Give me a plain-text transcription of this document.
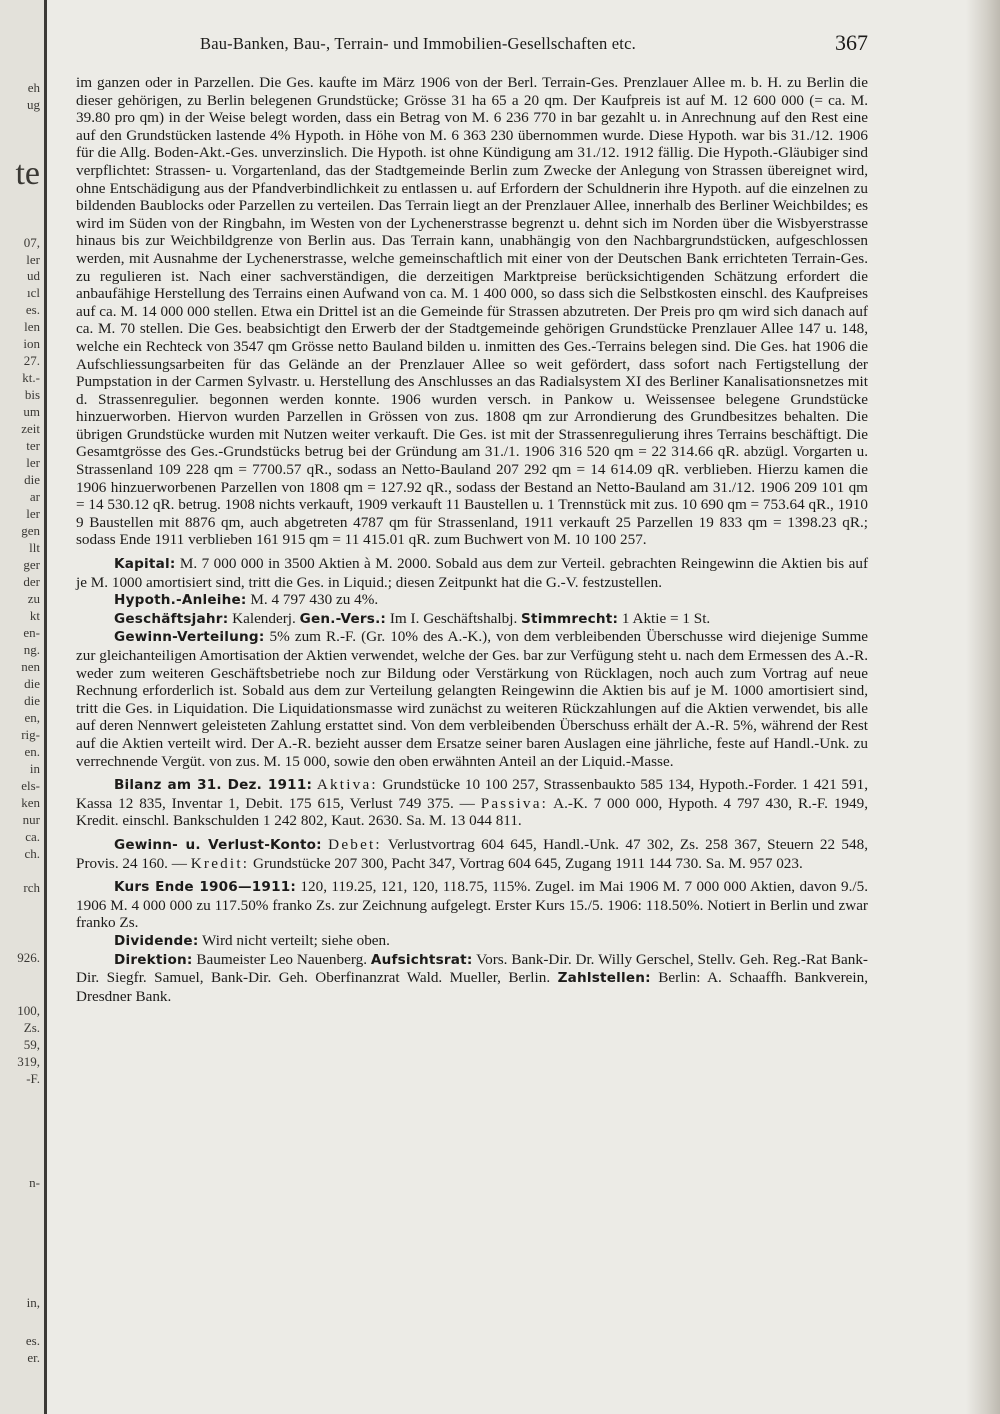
eh
ug
te
07,
ler
ud
ıcl
es.
len
ion
27.
kt.-
bis
um
zeit
ter
ler
die
ar
ler
gen
llt
ger
der
zu
kt
en-
ng.
nen
die
die
en,
rig-
en.
in
els-
ken
nur
ca.
ch.
rch
926.
100,
Zs.
59,
319,
-F.
n-
in,
es.
er.
Bau-Banken, Bau-, Terrain- und Immobilien-Gesellschaften etc.	367

im ganzen oder in Parzellen. Die Ges. kaufte im März 1906 von der Berl. Terrain-Ges. Prenzlauer Allee m. b. H. zu Berlin die dieser gehörigen, zu Berlin belegenen Grundstücke; Grösse 31 ha 65 a 20 qm. Der Kaufpreis ist auf M. 12 600 000 (= ca. M. 39.80 pro qm) in der Weise belegt worden, dass ein Betrag von M. 6 236 770 in bar gezahlt u. in Anrechnung auf den Rest eine auf den Grundstücken lastende 4% Hypoth. in Höhe von M. 6 363 230 übernommen wurde. Diese Hypoth. war bis 31./12. 1906 für die Allg. Boden-Akt.-Ges. unverzinslich. Die Hypoth. ist ohne Kündigung am 31./12. 1912 fällig. Die Hypoth.-Gläubiger sind verpflichtet: Strassen- u. Vorgartenland, das der Stadtgemeinde Berlin zum Zwecke der Anlegung von Strassen übereignet wird, ohne Entschädigung aus der Pfandverbindlichkeit zu entlassen u. auf Erfordern der Schuldnerin ihre Hypoth. auf die einzelnen zu bildenden Baublocks oder Parzellen zu verteilen. Das Terrain liegt an der Prenzlauer Allee, innerhalb des Berliner Weichbildes; es wird im Süden von der Ringbahn, im Westen von der Lychenerstrasse begrenzt u. dehnt sich im Norden über die Wisbyerstrasse hinaus bis zur Weichbildgrenze von Berlin aus. Das Terrain kann, unabhängig von den Nachbargrundstücken, aufgeschlossen werden, mit Ausnahme der Lychenerstrasse, welche gemeinschaftlich mit einer von der Deutschen Bank errichteten Terrain-Ges. zu regulieren ist. Nach einer sachverständigen, die derzeitigen Marktpreise berücksichtigenden Schätzung erfordert die anbaufähige Herstellung des Terrains einen Aufwand von ca. M. 1 400 000, so dass sich die Selbstkosten einschl. des Kaufpreises auf ca. M. 14 000 000 stellen. Etwa ein Drittel ist an die Gemeinde für Strassen abzutreten. Der Preis pro qm wird sich danach auf ca. M. 70 stellen. Die Ges. beabsichtigt den Erwerb der der Stadtgemeinde gehörigen Grundstücke Prenzlauer Allee 147 u. 148, welche ein Rechteck von 3547 qm Grösse netto Bauland bilden u. inmitten des Ges.-Terrains belegen sind. Die Ges. hat 1906 die Aufschliessungsarbeiten für das Gelände an der Prenzlauer Allee so weit gefördert, dass sofort nach Fertigstellung der Pumpstation in der Carmen Sylvastr. u. Herstellung des Anschlusses an das Radialsystem XI des Berliner Kanalisationsnetzes mit d. Strassenregulier. begonnen werden konnte. 1906 wurden versch. in Pankow u. Weissensee belegene Grundstücke hinzuerworben. Hiervon wurden Parzellen in Grössen von zus. 1808 qm zur Arrondierung des Grundbesitzes behalten. Die übrigen Grundstücke wurden mit Nutzen weiter verkauft. Die Ges. ist mit der Strassenregulierung ihres Terrains beschäftigt. Die Gesamtgrösse des Ges.-Grundstücks betrug bei der Gründung am 31./1. 1906 316 520 qm = 22 314.66 qR. abzügl. Vorgarten u. Strassenland 109 228 qm = 7700.57 qR., sodass an Netto-Bauland 207 292 qm = 14 614.09 qR. verblieben. Hierzu kamen die 1906 hinzuerworbenen Parzellen von 1808 qm = 127.92 qR., sodass der Bestand an Netto-Bauland am 31./12. 1906 209 101 qm = 14 530.12 qR. betrug. 1908 nichts verkauft, 1909 verkauft 11 Baustellen u. 1 Trennstück mit zus. 10 690 qm = 753.64 qR., 1910 9 Baustellen mit 8876 qm, auch abgetreten 4787 qm für Strassenland, 1911 verkauft 25 Parzellen 19 833 qm = 1398.23 qR.; sodass Ende 1911 verblieben 161 915 qm = 11 415.01 qR. zum Buchwert von M. 10 100 257.

Kapital: M. 7 000 000 in 3500 Aktien à M. 2000. Sobald aus dem zur Verteil. gebrachten Reingewinn die Aktien bis auf je M. 1000 amortisiert sind, tritt die Ges. in Liquid.; diesen Zeitpunkt hat die G.-V. festzustellen.

Hypoth.-Anleihe: M. 4 797 430 zu 4%.

Geschäftsjahr: Kalenderj. Gen.-Vers.: Im I. Geschäftshalbj. Stimmrecht: 1 Aktie = 1 St.

Gewinn-Verteilung: 5% zum R.-F. (Gr. 10% des A.-K.), von dem verbleibenden Überschusse wird diejenige Summe zur gleichanteiligen Amortisation der Aktien verwendet, welche der Ges. bar zur Verfügung steht u. nach dem Ermessen des A.-R. weder zum weiteren Geschäftsbetriebe noch zur Bildung oder Verstärkung von Rücklagen, noch auch zum Vortrag auf neue Rechnung erforderlich ist. Sobald aus dem zur Verteilung gelangten Reingewinn die Aktien bis auf je M. 1000 amortisiert sind, tritt die Ges. in Liquidation. Die Liquidationsmasse wird zunächst zu weiteren Rückzahlungen auf die Aktien verwendet, bis alle auf deren Nennwert geleisteten Zahlung erstattet sind. Von dem verbleibenden Überschuss erhält der A.-R. 5%, während der Rest auf die Aktien verteilt wird. Der A.-R. bezieht ausser dem Ersatze seiner baren Auslagen eine jährliche, feste auf Handl.-Unk. zu verrechnende Vergüt. von zus. M. 15 000, sowie den oben erwähnten Anteil an der Liquid.-Masse.

Bilanz am 31. Dez. 1911: Aktiva: Grundstücke 10 100 257, Strassenbaukto 585 134, Hypoth.-Forder. 1 421 591, Kassa 12 835, Inventar 1, Debit. 175 615, Verlust 749 375. — Passiva: A.-K. 7 000 000, Hypoth. 4 797 430, R.-F. 1949, Kredit. einschl. Bankschulden 1 242 802, Kaut. 2630. Sa. M. 13 044 811.

Gewinn- u. Verlust-Konto: Debet: Verlustvortrag 604 645, Handl.-Unk. 47 302, Zs. 258 367, Steuern 22 548, Provis. 24 160. — Kredit: Grundstücke 207 300, Pacht 347, Vortrag 604 645, Zugang 1911 144 730. Sa. M. 957 023.

Kurs Ende 1906—1911: 120, 119.25, 121, 120, 118.75, 115%. Zugel. im Mai 1906 M. 7 000 000 Aktien, davon 9./5. 1906 M. 4 000 000 zu 117.50% franko Zs. zur Zeichnung aufgelegt. Erster Kurs 15./5. 1906: 118.50%. Notiert in Berlin und zwar franko Zs.

Dividende: Wird nicht verteilt; siehe oben.

Direktion: Baumeister Leo Nauenberg. Aufsichtsrat: Vors. Bank-Dir. Dr. Willy Gerschel, Stellv. Geh. Reg.-Rat Bank-Dir. Siegfr. Samuel, Bank-Dir. Geh. Oberfinanzrat Wald. Mueller, Berlin. Zahlstellen: Berlin: A. Schaaffh. Bankverein, Dresdner Bank.
